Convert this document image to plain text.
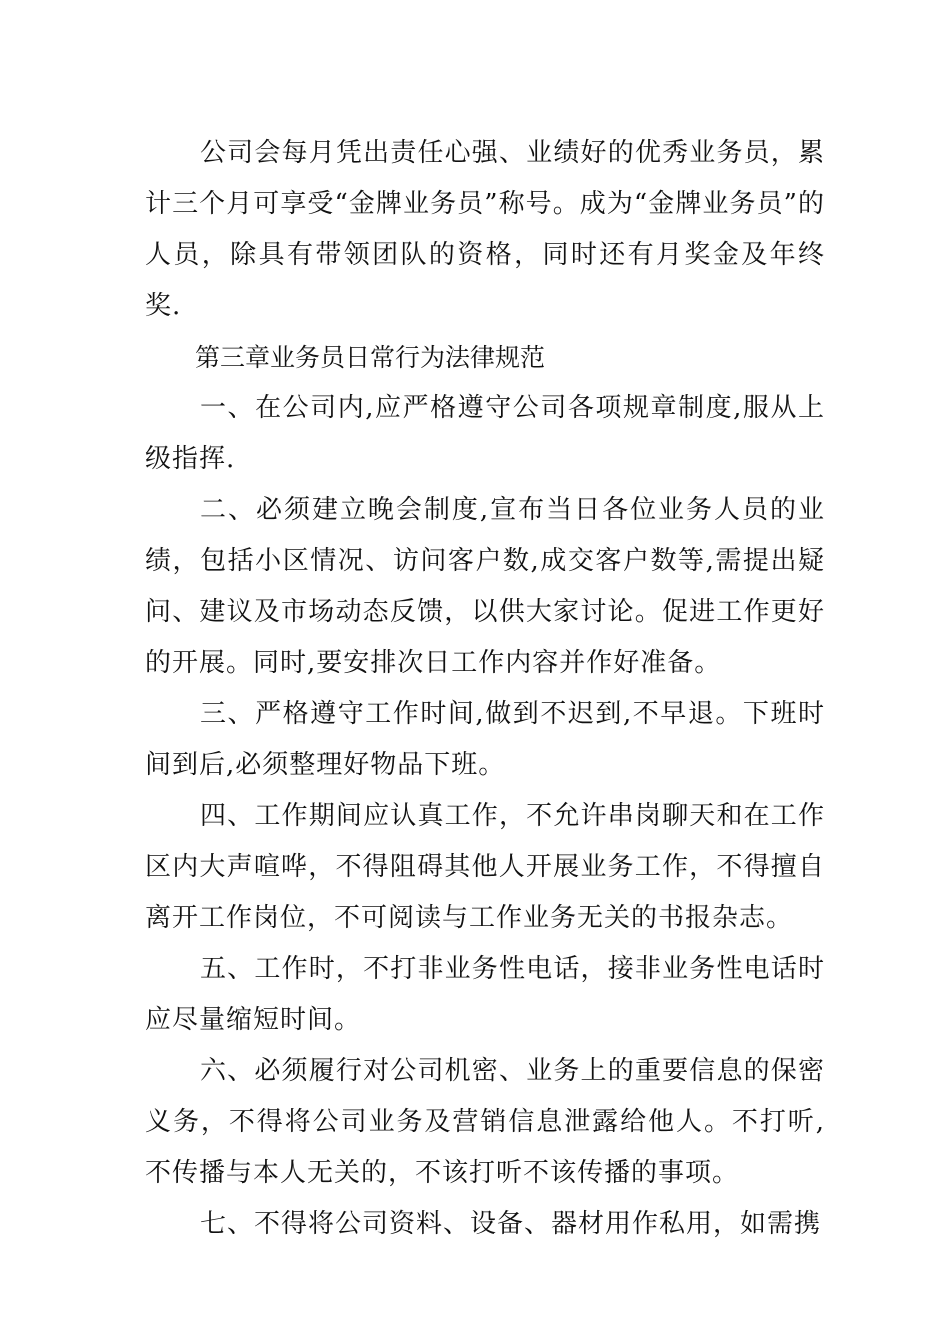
公司会每月凭出责任心强、业绩好的优秀业务员，累计三个月可享受“金牌业务员”称号。成为“金牌业务员”的人员，除具有带领团队的资格，同时还有月奖金及年终奖.

第三章业务员日常行为法律规范

一、在公司内,应严格遵守公司各项规章制度,服从上级指挥.

二、必须建立晚会制度,宣布当日各位业务人员的业绩，包括小区情况、访问客户数,成交客户数等,需提出疑问、建议及市场动态反馈，以供大家讨论。促进工作更好的开展。同时,要安排次日工作内容并作好准备。

三、严格遵守工作时间,做到不迟到,不早退。下班时间到后,必须整理好物品下班。

四、工作期间应认真工作，不允许串岗聊天和在工作区内大声喧哗，不得阻碍其他人开展业务工作，不得擅自离开工作岗位，不可阅读与工作业务无关的书报杂志。

五、工作时，不打非业务性电话，接非业务性电话时应尽量缩短时间。

六、必须履行对公司机密、业务上的重要信息的保密义务，不得将公司业务及营销信息泄露给他人。不打听,不传播与本人无关的，不该打听不该传播的事项。

七、不得将公司资料、设备、器材用作私用，如需携
